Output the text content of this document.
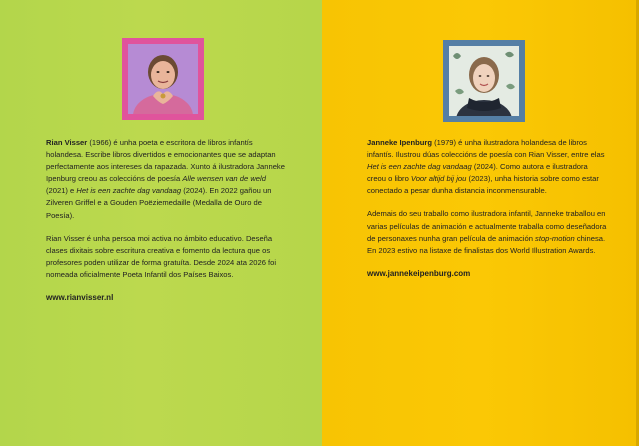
Rian Visser (1966) é unha poeta e escritora de libros infantís holandesa. Escribe libros divertidos e emocionantes que se adaptan perfectamente aos intereses da rapazada. Xunto á ilustradora Janneke Ipenburg creou as coleccións de poesía Alle wensen van de weld (2021) e Het is een zachte dag vandaag (2024). En 2022 gañou un Zilveren Griffel e a Gouden Poëziemedaille (Medalla de Ouro de Poesía).

Rian Visser é unha persoa moi activa no ámbito educativo. Deseña clases dixitais sobre escritura creativa e fomento da lectura que os profesores poden utilizar de forma gratuíta. Desde 2024 ata 2026 foi nomeada oficialmente Poeta Infantil dos Países Baixos.

www.rianvisser.nl

Janneke Ipenburg (1979) é unha ilustradora holandesa de libros infantís. Ilustrou dúas coleccións de poesía con Rian Visser, entre elas Het is een zachte dag vandaag (2024). Como autora e ilustradora creou o libro Voor altijd bij jou (2023), unha historia sobre como estar conectado a pesar dunha distancia inconmensurable.

Ademais do seu traballo como ilustradora infantil, Janneke traballou en varias películas de animación e actualmente traballa como deseñadora de personaxes nunha gran película de animación stop-motion chinesa. En 2023 estivo na listaxe de finalistas dos World Illustration Awards.

www.jannekeipenburg.com
